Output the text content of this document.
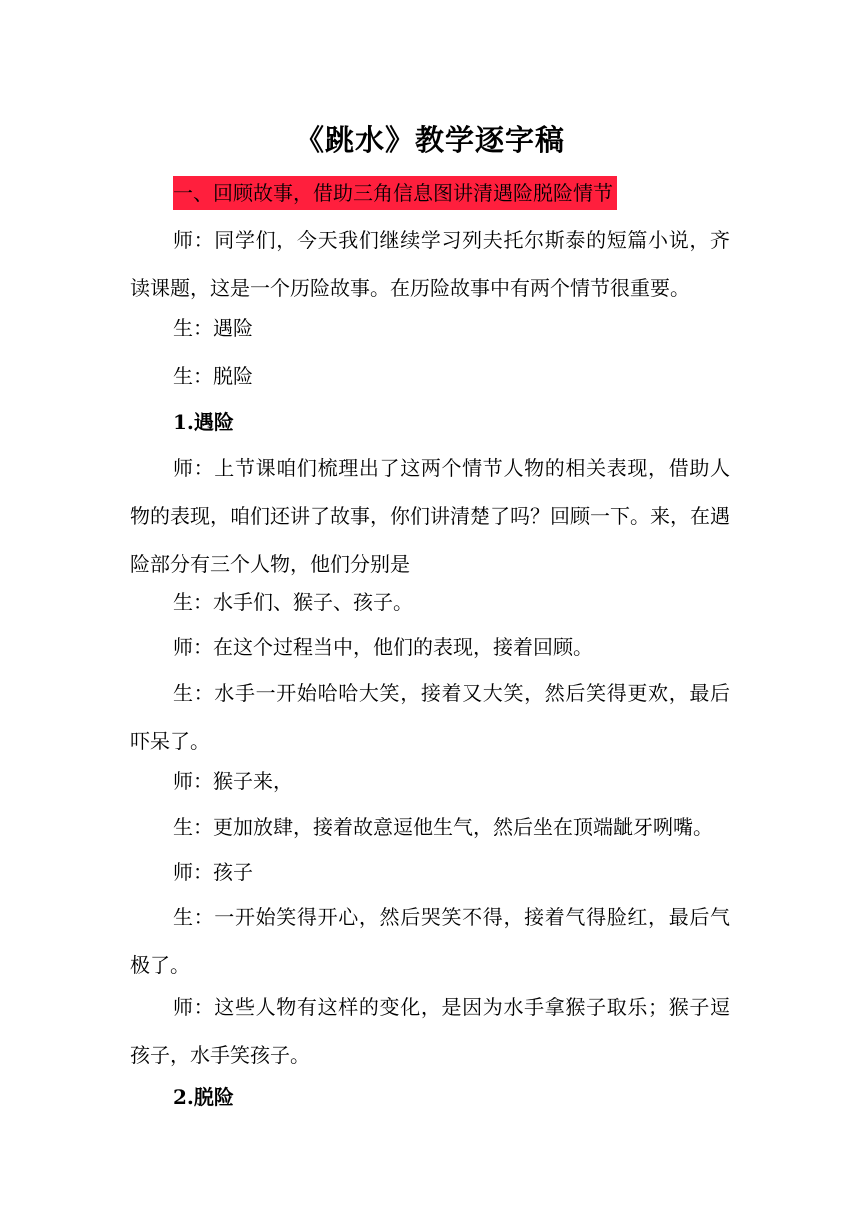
《跳水》教学逐字稿
一、回顾故事，借助三角信息图讲清遇险脱险情节

师：同学们，今天我们继续学习列夫托尔斯泰的短篇小说，齐读课题，这是一个历险故事。在历险故事中有两个情节很重要。

生：遇险

生：脱险

1.遇险

师：上节课咱们梳理出了这两个情节人物的相关表现，借助人物的表现，咱们还讲了故事，你们讲清楚了吗？回顾一下。来，在遇险部分有三个人物，他们分别是

生：水手们、猴子、孩子。

师：在这个过程当中，他们的表现，接着回顾。

生：水手一开始哈哈大笑，接着又大笑，然后笑得更欢，最后吓呆了。

师：猴子来，

生：更加放肆，接着故意逗他生气，然后坐在顶端龇牙咧嘴。

师：孩子

生：一开始笑得开心，然后哭笑不得，接着气得脸红，最后气极了。

师：这些人物有这样的变化，是因为水手拿猴子取乐；猴子逗孩子，水手笑孩子。

2.脱险
